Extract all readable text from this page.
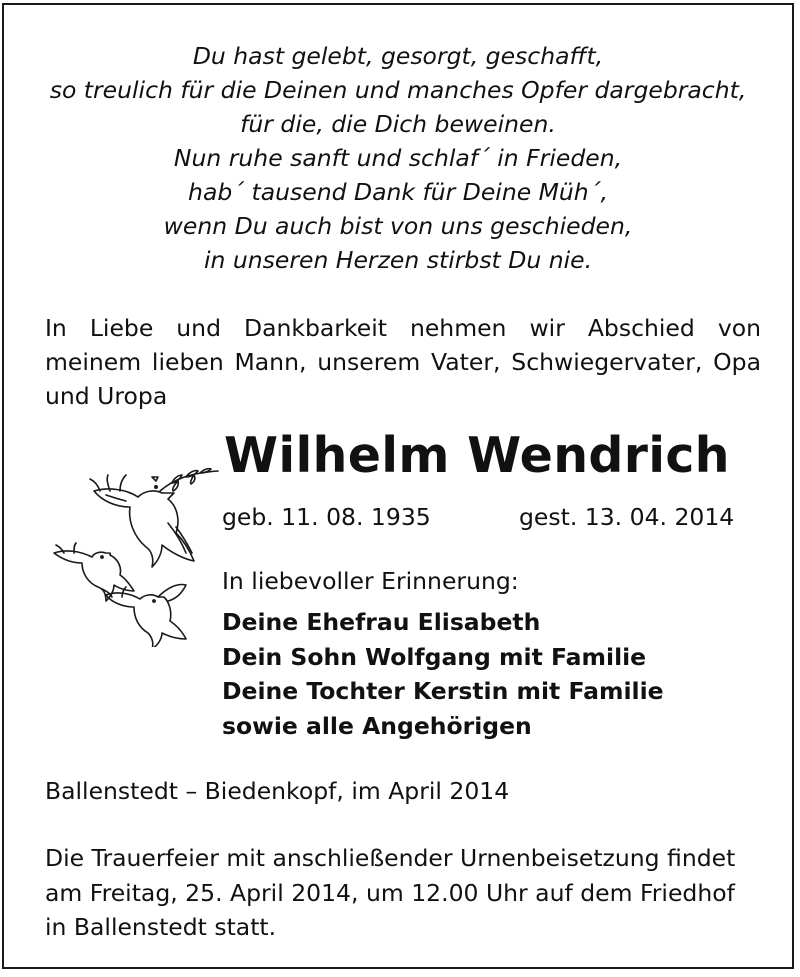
Du hast gelebt, gesorgt, geschafft,
so treulich für die Deinen und manches Opfer dargebracht,
für die, die Dich beweinen.
Nun ruhe sanft und schlaf´ in Frieden,
hab´ tausend Dank für Deine Müh´,
wenn Du auch bist von uns geschieden,
in unseren Herzen stirbst Du nie.
In Liebe und Dankbarkeit nehmen wir Abschied von
meinem lieben Mann, unserem Vater, Schwiegervater, Opa
und Uropa
Wilhelm Wendrich
geb. 11. 08. 1935	gest. 13. 04. 2014
In liebevoller Erinnerung:
Deine Ehefrau Elisabeth
Dein Sohn Wolfgang mit Familie
Deine Tochter Kerstin mit Familie
sowie alle Angehörigen
Ballenstedt – Biedenkopf, im April 2014
Die Trauerfeier mit anschließender Urnenbeisetzung findet
am Freitag, 25. April 2014, um 12.00 Uhr auf dem Friedhof
in Ballenstedt statt.
